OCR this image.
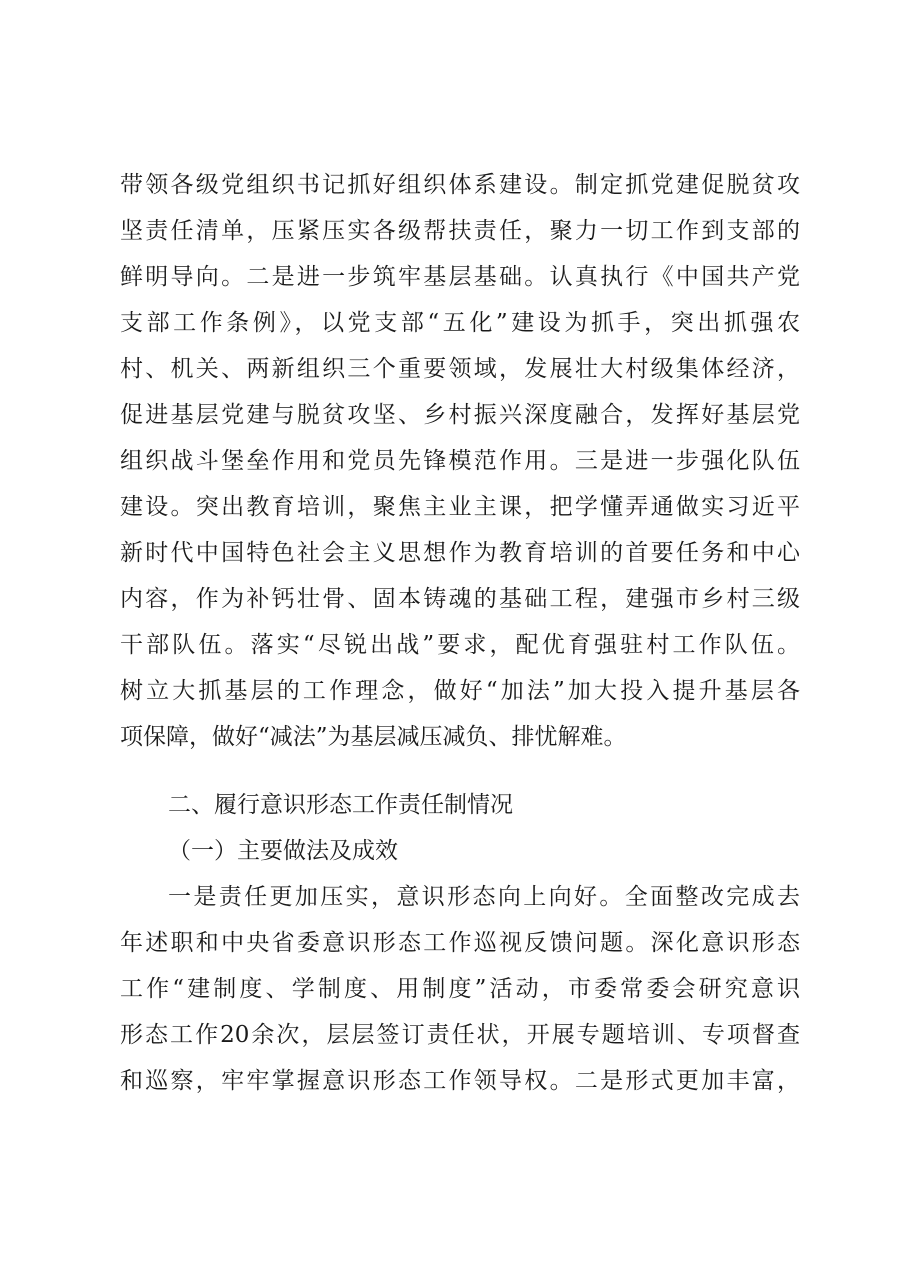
带领各级党组织书记抓好组织体系建设。制定抓党建促脱贫攻
坚责任清单，压紧压实各级帮扶责任，聚力一切工作到支部的
鲜明导向。二是进一步筑牢基层基础。认真执行《中国共产党
支部工作条例》，以党支部“五化”建设为抓手，突出抓强农
村、机关、两新组织三个重要领域，发展壮大村级集体经济，
促进基层党建与脱贫攻坚、乡村振兴深度融合，发挥好基层党
组织战斗堡垒作用和党员先锋模范作用。三是进一步强化队伍
建设。突出教育培训，聚焦主业主课，把学懂弄通做实习近平
新时代中国特色社会主义思想作为教育培训的首要任务和中心
内容，作为补钙壮骨、固本铸魂的基础工程，建强市乡村三级
干部队伍。落实“尽锐出战”要求，配优育强驻村工作队伍。
树立大抓基层的工作理念，做好“加法”加大投入提升基层各
项保障，做好“减法”为基层减压减负、排忧解难。
二、履行意识形态工作责任制情况
（一）主要做法及成效
一是责任更加压实，意识形态向上向好。全面整改完成去
年述职和中央省委意识形态工作巡视反馈问题。深化意识形态
工作“建制度、学制度、用制度”活动，市委常委会研究意识
形态工作20余次，层层签订责任状，开展专题培训、专项督查
和巡察，牢牢掌握意识形态工作领导权。二是形式更加丰富，
